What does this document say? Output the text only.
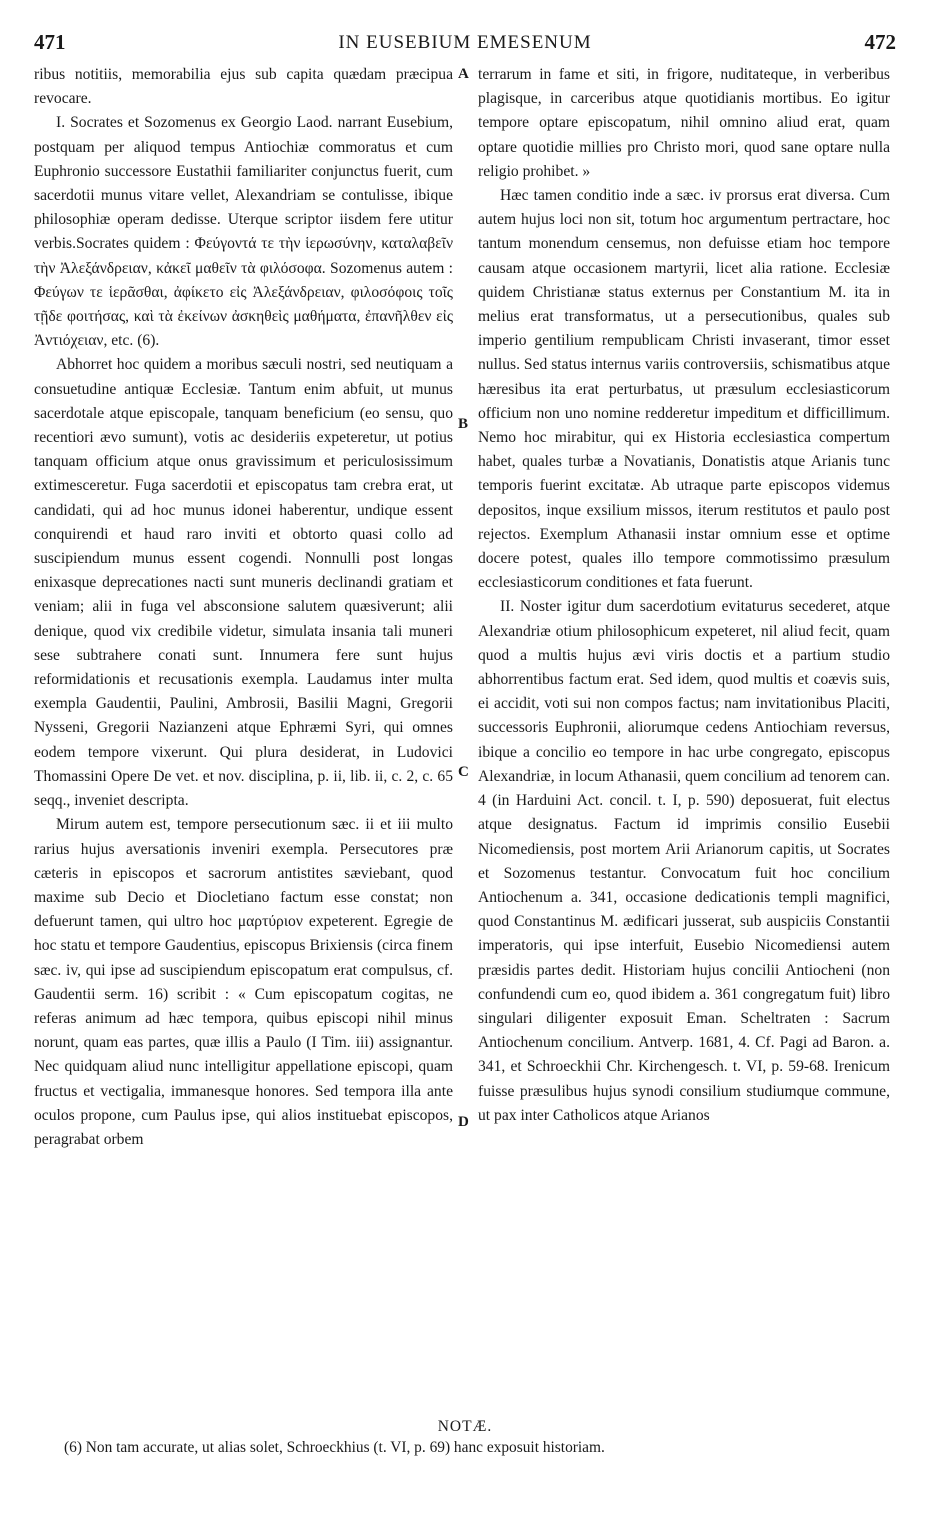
471	IN EUSEBIUM EMESENUM	472

ribus notitiis, memorabilia ejus sub capita quædam præcipua revocare.

I. Socrates et Sozomenus ex Georgio Laod. narrant Eusebium, postquam per aliquod tempus Antiochiæ commoratus et cum Euphronio successore Eustathii familiariter conjunctus fuerit, cum sacerdotii munus vitare vellet, Alexandriam se contulisse, ibique philosophiæ operam dedisse. Uterque scriptor iisdem fere utitur verbis.Socrates quidem : Φεύγοντά τε τὴν ἱερωσύνην, καταλαβεῖν τὴν Ἀλεξάνδρειαν, κἀκεῖ μαθεῖν τὰ φιλόσοφα. Sozomenus autem : Φεύγων τε ἱερᾶσθαι, ἀφίκετο εἰς Ἀλεξάνδρειαν, φιλοσόφοις τοῖς τῇδε φοιτήσας, καὶ τὰ ἐκείνων ἀσκηθεὶς μαθήματα, ἐπανῆλθεν εἰς Ἀντιόχειαν, etc. (6).

Abhorret hoc quidem a moribus sæculi nostri, sed neutiquam a consuetudine antiquæ Ecclesiæ. Tantum enim abfuit, ut munus sacerdotale atque episcopale, tanquam beneficium (eo sensu, quo recentiori ævo sumunt), votis ac desideriis expeteretur, ut potius tanquam officium atque onus gravissimum et periculosissimum extimesceretur. Fuga sacerdotii et episcopatus tam crebra erat, ut candidati, qui ad hoc munus idonei haberentur, undique essent conquirendi et haud raro inviti et obtorto quasi collo ad suscipiendum munus essent cogendi. Nonnulli post longas enixasque deprecationes nacti sunt muneris declinandi gratiam et veniam; alii in fuga vel absconsione salutem quæsiverunt; alii denique, quod vix credibile videtur, simulata insania tali muneri sese subtrahere conati sunt. Innumera fere sunt hujus reformidationis et recusationis exempla. Laudamus inter multa exempla Gaudentii, Paulini, Ambrosii, Basilii Magni, Gregorii Nysseni, Gregorii Nazianzeni atque Ephræmi Syri, qui omnes eodem tempore vixerunt. Qui plura desiderat, in Ludovici Thomassini Opere De vet. et nov. disciplina, p. ii, lib. ii, c. 2, c. 65 seqq., inveniet descripta.

Mirum autem est, tempore persecutionum sæc. ii et iii multo rarius hujus aversationis inveniri exempla. Persecutores præ cæteris in episcopos et sacrorum antistites sæviebant, quod maxime sub Decio et Diocletiano factum esse constat; non defuerunt tamen, qui ultro hoc μαρτύριον expeterent. Egregie de hoc statu et tempore Gaudentius, episcopus Brixiensis (circa finem sæc. iv, qui ipse ad suscipiendum episcopatum erat compulsus, cf. Gaudentii serm. 16) scribit : « Cum episcopatum cogitas, ne referas animum ad hæc tempora, quibus episcopi nihil minus norunt, quam eas partes, quæ illis a Paulo (I Tim. iii) assignantur. Nec quidquam aliud nunc intelligitur appellatione episcopi, quam fructus et vectigalia, immanesque honores. Sed tempora illa ante oculos propone, cum Paulus ipse, qui alios instituebat episcopos, peragrabat orbem

A
B
C
D

terrarum in fame et siti, in frigore, nuditateque, in verberibus plagisque, in carceribus atque quotidianis mortibus. Eo igitur tempore optare episcopatum, nihil omnino aliud erat, quam optare quotidie millies pro Christo mori, quod sane optare nulla religio prohibet. »

Hæc tamen conditio inde a sæc. iv prorsus erat diversa. Cum autem hujus loci non sit, totum hoc argumentum pertractare, hoc tantum monendum censemus, non defuisse etiam hoc tempore causam atque occasionem martyrii, licet alia ratione. Ecclesiæ quidem Christianæ status externus per Constantium M. ita in melius erat transformatus, ut a persecutionibus, quales sub imperio gentilium rempublicam Christi invaserant, timor esset nullus. Sed status internus variis controversiis, schismatibus atque hæresibus ita erat perturbatus, ut præsulum ecclesiasticorum officium non uno nomine redderetur impeditum et difficillimum. Nemo hoc mirabitur, qui ex Historia ecclesiastica compertum habet, quales turbæ a Novatianis, Donatistis atque Arianis tunc temporis fuerint excitatæ. Ab utraque parte episcopos videmus depositos, inque exsilium missos, iterum restitutos et paulo post rejectos. Exemplum Athanasii instar omnium esse et optime docere potest, quales illo tempore commotissimo præsulum ecclesiasticorum conditiones et fata fuerunt.

II. Noster igitur dum sacerdotium evitaturus secederet, atque Alexandriæ otium philosophicum expeteret, nil aliud fecit, quam quod a multis hujus ævi viris doctis et a partium studio abhorrentibus factum erat. Sed idem, quod multis et coævis suis, ei accidit, voti sui non compos factus; nam invitationibus Placiti, successoris Euphronii, aliorumque cedens Antiochiam reversus, ibique a concilio eo tempore in hac urbe congregato, episcopus Alexandriæ, in locum Athanasii, quem concilium ad tenorem can. 4 (in Harduini Act. concil. t. I, p. 590) deposuerat, fuit electus atque designatus. Factum id imprimis consilio Eusebii Nicomediensis, post mortem Arii Arianorum capitis, ut Socrates et Sozomenus testantur. Convocatum fuit hoc concilium Antiochenum a. 341, occasione dedicationis templi magnifici, quod Constantinus M. ædificari jusserat, sub auspiciis Constantii imperatoris, qui ipse interfuit, Eusebio Nicomediensi autem præsidis partes dedit. Historiam hujus concilii Antiocheni (non confundendi cum eo, quod ibidem a. 361 congregatum fuit) libro singulari diligenter exposuit Eman. Scheltraten : Sacrum Antiochenum concilium. Antverp. 1681, 4. Cf. Pagi ad Baron. a. 341, et Schroeckhii Chr. Kirchengesch. t. VI, p. 59-68. Irenicum fuisse præsulibus hujus synodi consilium studiumque commune, ut pax inter Catholicos atque Arianos

NOTÆ.
(6) Non tam accurate, ut alias solet, Schroeckhius (t. VI, p. 69) hanc exposuit historiam.
